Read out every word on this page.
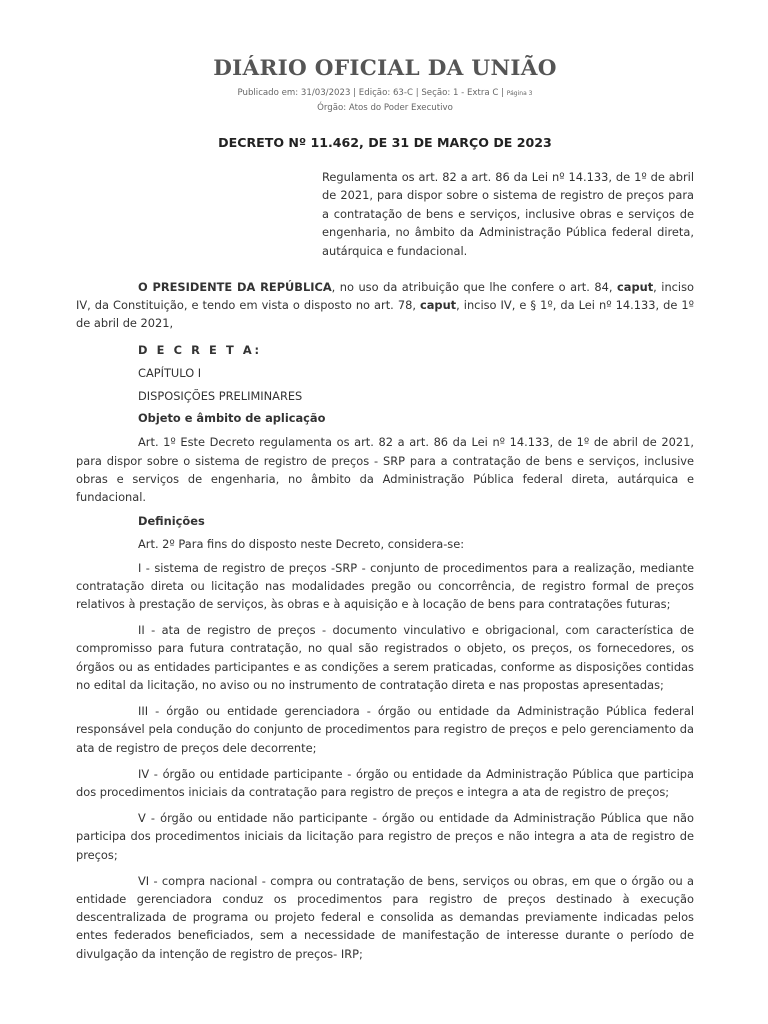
DIÁRIO OFICIAL DA UNIÃO
Publicado em: 31/03/2023 | Edição: 63-C | Seção: 1 - Extra C | Página 3
Órgão: Atos do Poder Executivo
DECRETO Nº 11.462, DE 31 DE MARÇO DE 2023
Regulamenta os art. 82 a art. 86 da Lei nº 14.133, de 1º de abril de 2021, para dispor sobre o sistema de registro de preços para a contratação de bens e serviços, inclusive obras e serviços de engenharia, no âmbito da Administração Pública federal direta, autárquica e fundacional.

O PRESIDENTE DA REPÚBLICA, no uso da atribuição que lhe confere o art. 84, caput, inciso IV, da Constituição, e tendo em vista o disposto no art. 78, caput, inciso IV, e § 1º, da Lei nº 14.133, de 1º de abril de 2021,

D E C R E T A:
CAPÍTULO I
DISPOSIÇÕES PRELIMINARES
Objeto e âmbito de aplicação

Art. 1º Este Decreto regulamenta os art. 82 a art. 86 da Lei nº 14.133, de 1º de abril de 2021, para dispor sobre o sistema de registro de preços - SRP para a contratação de bens e serviços, inclusive obras e serviços de engenharia, no âmbito da Administração Pública federal direta, autárquica e fundacional.

Definições
Art. 2º Para fins do disposto neste Decreto, considera-se:

I - sistema de registro de preços -SRP - conjunto de procedimentos para a realização, mediante contratação direta ou licitação nas modalidades pregão ou concorrência, de registro formal de preços relativos à prestação de serviços, às obras e à aquisição e à locação de bens para contratações futuras;

II - ata de registro de preços - documento vinculativo e obrigacional, com característica de compromisso para futura contratação, no qual são registrados o objeto, os preços, os fornecedores, os órgãos ou as entidades participantes e as condições a serem praticadas, conforme as disposições contidas no edital da licitação, no aviso ou no instrumento de contratação direta e nas propostas apresentadas;

III - órgão ou entidade gerenciadora - órgão ou entidade da Administração Pública federal responsável pela condução do conjunto de procedimentos para registro de preços e pelo gerenciamento da ata de registro de preços dele decorrente;

IV - órgão ou entidade participante - órgão ou entidade da Administração Pública que participa dos procedimentos iniciais da contratação para registro de preços e integra a ata de registro de preços;

V - órgão ou entidade não participante - órgão ou entidade da Administração Pública que não participa dos procedimentos iniciais da licitação para registro de preços e não integra a ata de registro de preços;

VI - compra nacional - compra ou contratação de bens, serviços ou obras, em que o órgão ou a entidade gerenciadora conduz os procedimentos para registro de preços destinado à execução descentralizada de programa ou projeto federal e consolida as demandas previamente indicadas pelos entes federados beneficiados, sem a necessidade de manifestação de interesse durante o período de divulgação da intenção de registro de preços- IRP;
